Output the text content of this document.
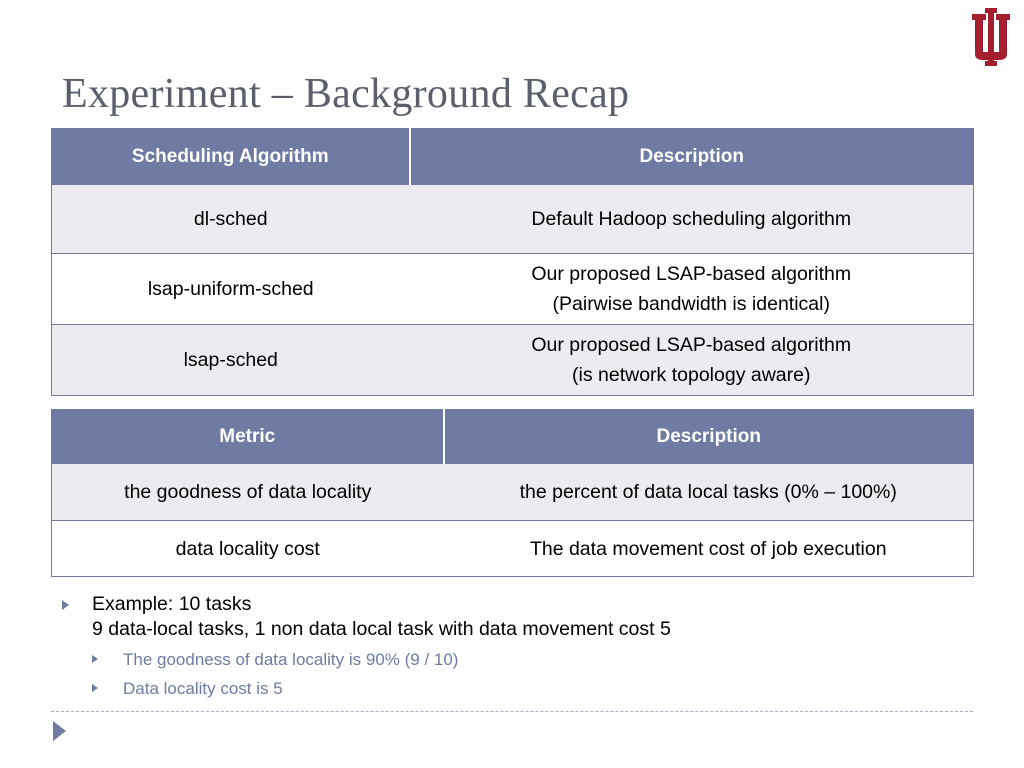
Experiment – Background Recap
Scheduling Algorithm	Description
dl-sched	Default Hadoop scheduling algorithm

lsap-uniform-sched	Our proposed LSAP-based algorithm
(Pairwise bandwidth is identical)

lsap-sched	Our proposed LSAP-based algorithm
(is network topology aware)
Metric	Description
the goodness of data locality	the percent of data local tasks (0% – 100%)
data locality cost	The data movement cost of job execution
Example: 10 tasks
9 data-local tasks, 1 non data local task with data movement cost 5
The goodness of data locality is 90% (9 / 10)
Data locality cost is 5
